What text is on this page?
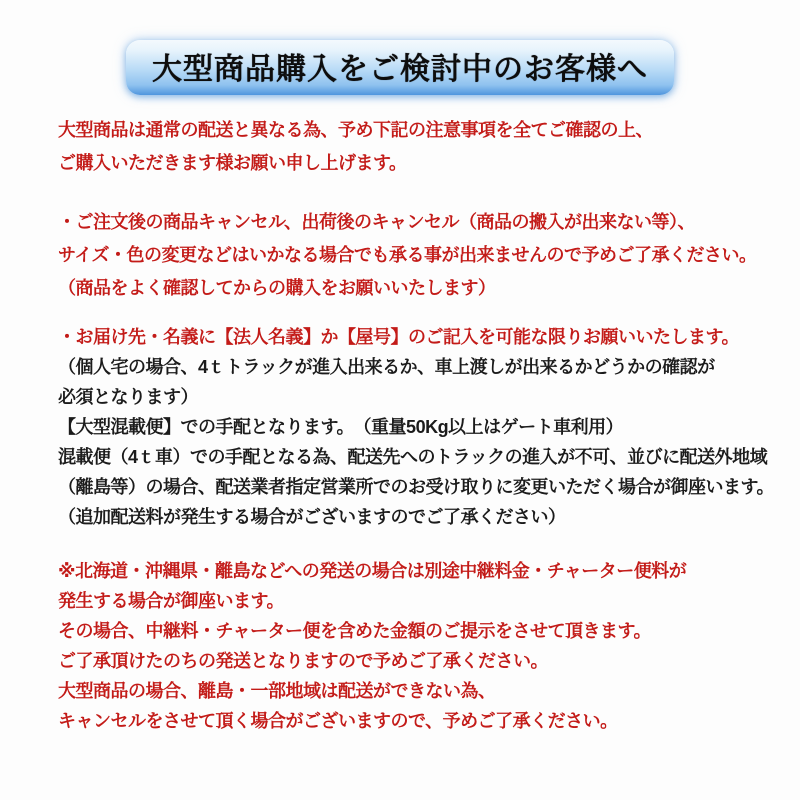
大型商品購入をご検討中のお客様へ
大型商品は通常の配送と異なる為、予め下記の注意事項を全てご確認の上、
ご購入いただきます様お願い申し上げます。
・ご注文後の商品キャンセル、出荷後のキャンセル（商品の搬入が出来ない等）、
サイズ・色の変更などはいかなる場合でも承る事が出来ませんので予めご了承ください。
（商品をよく確認してからの購入をお願いいたします）
・お届け先・名義に【法人名義】か【屋号】のご記入を可能な限りお願いいたします。
（個人宅の場合、4ｔトラックが進入出来るか、車上渡しが出来るかどうかの確認が
必須となります）
【大型混載便】での手配となります。　（重量50Kg以上はゲート車利用）
混載便（4ｔ車）での手配となる為、配送先へのトラックの進入が不可、並びに配送外地域
（離島等）の場合、配送業者指定営業所でのお受け取りに変更いただく場合が御座います。
（追加配送料が発生する場合がございますのでご了承ください）
※北海道・沖縄県・離島などへの発送の場合は別途中継料金・チャーター便料が
発生する場合が御座います。
その場合、中継料・チャーター便を含めた金額のご提示をさせて頂きます。
ご了承頂けたのちの発送となりますので予めご了承ください。
大型商品の場合、離島・一部地域は配送ができない為、
キャンセルをさせて頂く場合がございますので、予めご了承ください。
